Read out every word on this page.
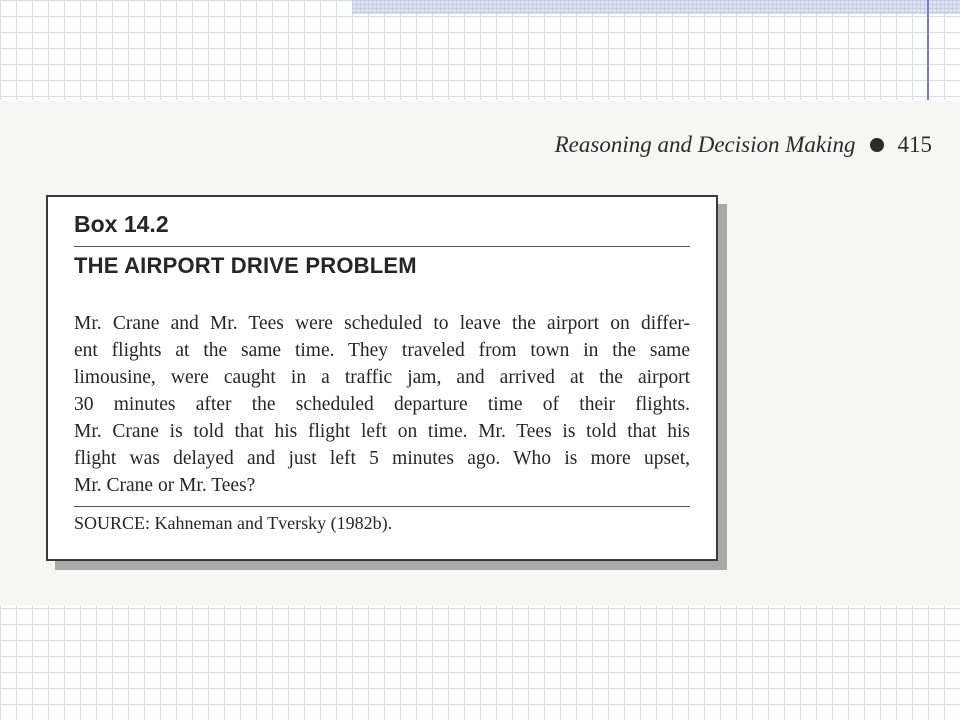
Reasoning and Decision Making 415
Box 14.2
THE AIRPORT DRIVE PROBLEM
Mr. Crane and Mr. Tees were scheduled to leave the airport on differ-
ent flights at the same time. They traveled from town in the same
limousine, were caught in a traffic jam, and arrived at the airport
30 minutes after the scheduled departure time of their flights.
Mr. Crane is told that his flight left on time. Mr. Tees is told that his
flight was delayed and just left 5 minutes ago. Who is more upset,
Mr. Crane or Mr. Tees?
SOURCE: Kahneman and Tversky (1982b).
